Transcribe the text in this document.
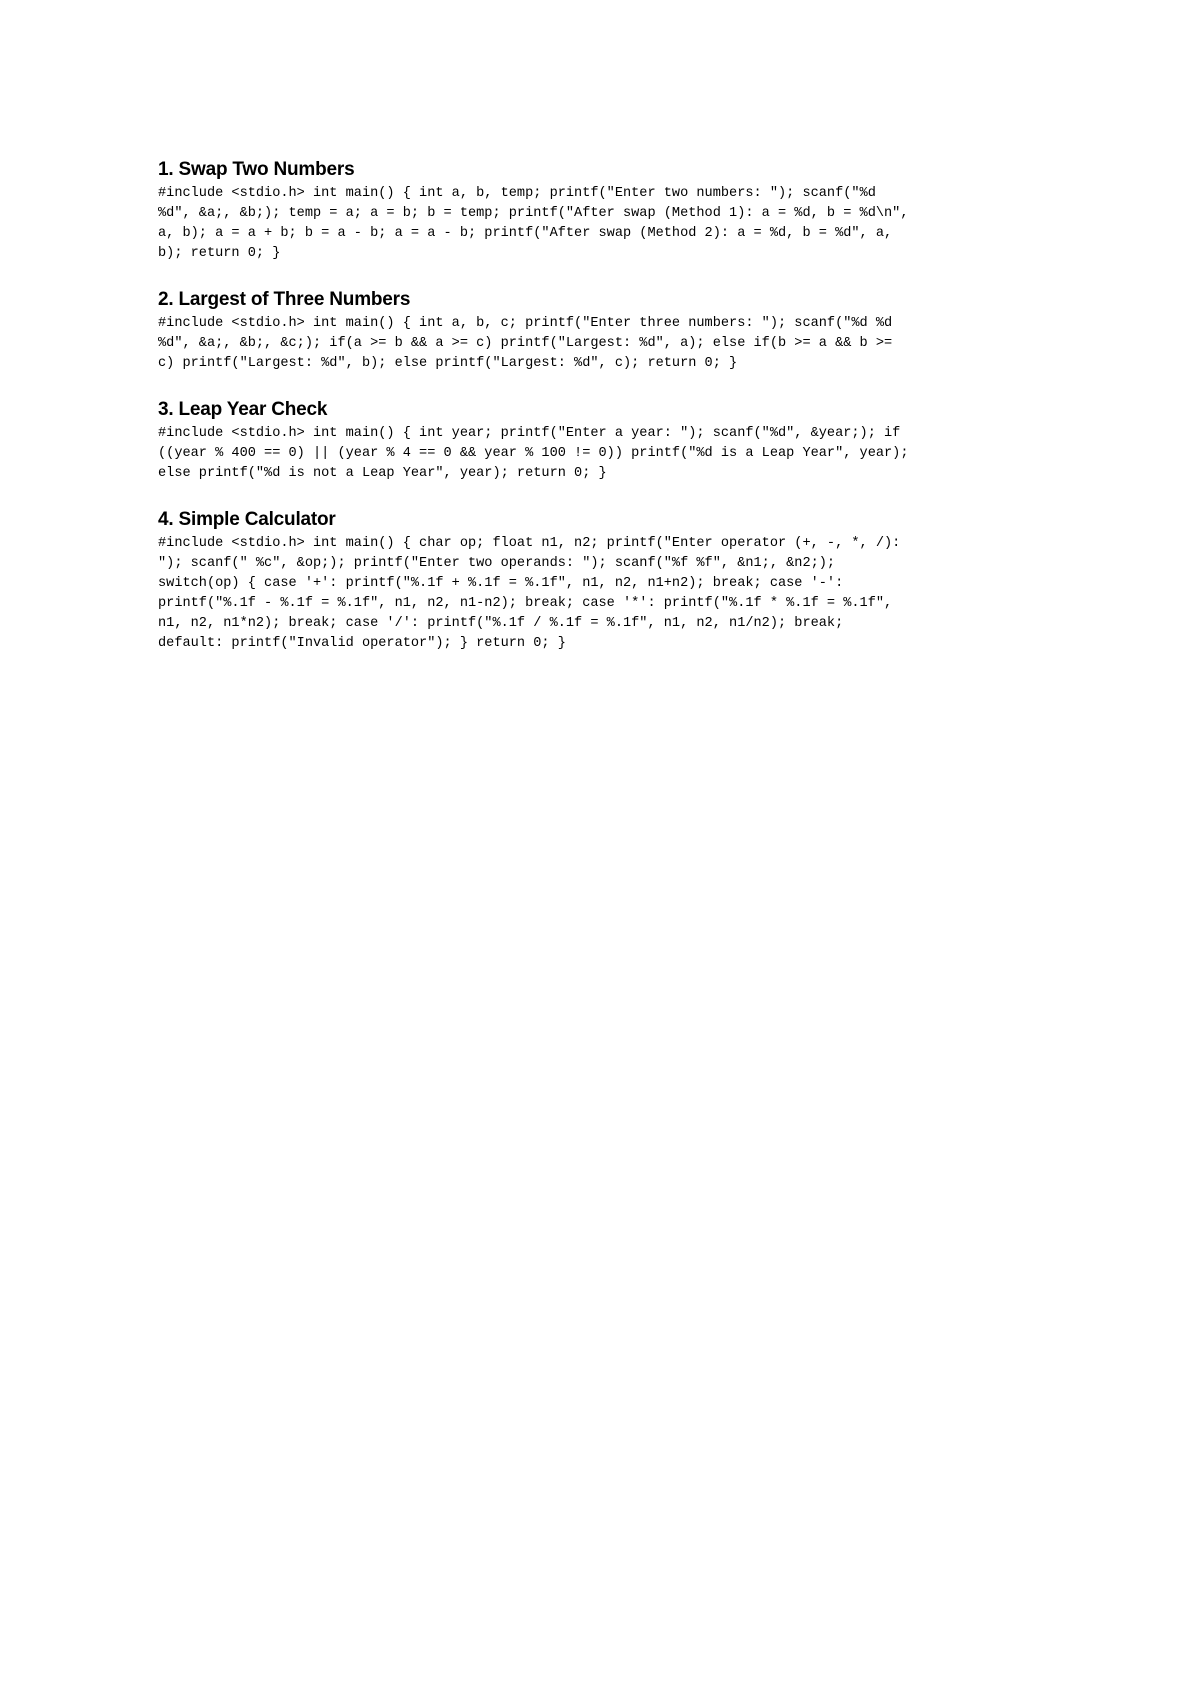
1. Swap Two Numbers
#include <stdio.h> int main() { int a, b, temp; printf("Enter two numbers: "); scanf("%d
%d", &a;, &b;); temp = a; a = b; b = temp; printf("After swap (Method 1): a = %d, b = %d\n",
a, b); a = a + b; b = a - b; a = a - b; printf("After swap (Method 2): a = %d, b = %d", a,
b); return 0; }
2. Largest of Three Numbers
#include <stdio.h> int main() { int a, b, c; printf("Enter three numbers: "); scanf("%d %d
%d", &a;, &b;, &c;); if(a >= b && a >= c) printf("Largest: %d", a); else if(b >= a && b >=
c) printf("Largest: %d", b); else printf("Largest: %d", c); return 0; }
3. Leap Year Check
#include <stdio.h> int main() { int year; printf("Enter a year: "); scanf("%d", &year;); if
((year % 400 == 0) || (year % 4 == 0 && year % 100 != 0)) printf("%d is a Leap Year", year);
else printf("%d is not a Leap Year", year); return 0; }
4. Simple Calculator
#include <stdio.h> int main() { char op; float n1, n2; printf("Enter operator (+, -, *, /):
"); scanf(" %c", &op;); printf("Enter two operands: "); scanf("%f %f", &n1;, &n2;);
switch(op) { case '+': printf("%.1f + %.1f = %.1f", n1, n2, n1+n2); break; case '-':
printf("%.1f - %.1f = %.1f", n1, n2, n1-n2); break; case '*': printf("%.1f * %.1f = %.1f",
n1, n2, n1*n2); break; case '/': printf("%.1f / %.1f = %.1f", n1, n2, n1/n2); break;
default: printf("Invalid operator"); } return 0; }
